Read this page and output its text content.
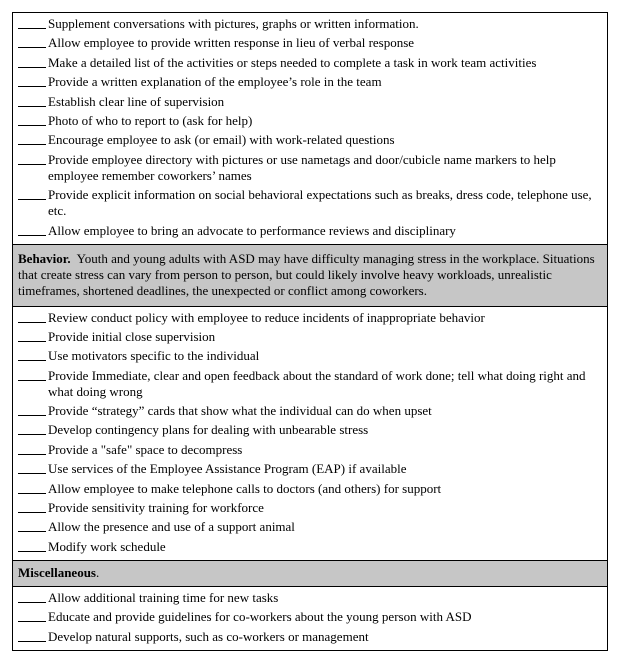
Supplement conversations with pictures, graphs or written information.
Allow employee to provide written response in lieu of verbal response
Make a detailed list of the activities or steps needed to complete a task in work team activities
Provide a written explanation of the employee’s role in the team
Establish clear line of supervision
Photo of who to report to (ask for help)
Encourage employee to ask (or email) with work-related questions
Provide employee directory with pictures or use nametags and door/cubicle name markers to help employee remember coworkers’ names
Provide explicit information on social behavioral expectations such as breaks, dress code, telephone use, etc.
Allow employee to bring an advocate to performance reviews and disciplinary
Behavior. Youth and young adults with ASD may have difficulty managing stress in the workplace. Situations that create stress can vary from person to person, but could likely involve heavy workloads, unrealistic timeframes, shortened deadlines, the unexpected or conflict among coworkers.
Review conduct policy with employee to reduce incidents of inappropriate behavior
Provide initial close supervision
Use motivators specific to the individual
Provide Immediate, clear and open feedback about the standard of work done; tell what doing right and what doing wrong
Provide “strategy” cards that show what the individual can do when upset
Develop contingency plans for dealing with unbearable stress
Provide a "safe" space to decompress
Use services of the Employee Assistance Program (EAP) if available
Allow employee to make telephone calls to doctors (and others) for support
Provide sensitivity training for workforce
Allow the presence and use of a support animal
Modify work schedule
Miscellaneous.
Allow additional training time for new tasks
Educate and provide guidelines for co-workers about the young person with ASD
Develop natural supports, such as co-workers or management
